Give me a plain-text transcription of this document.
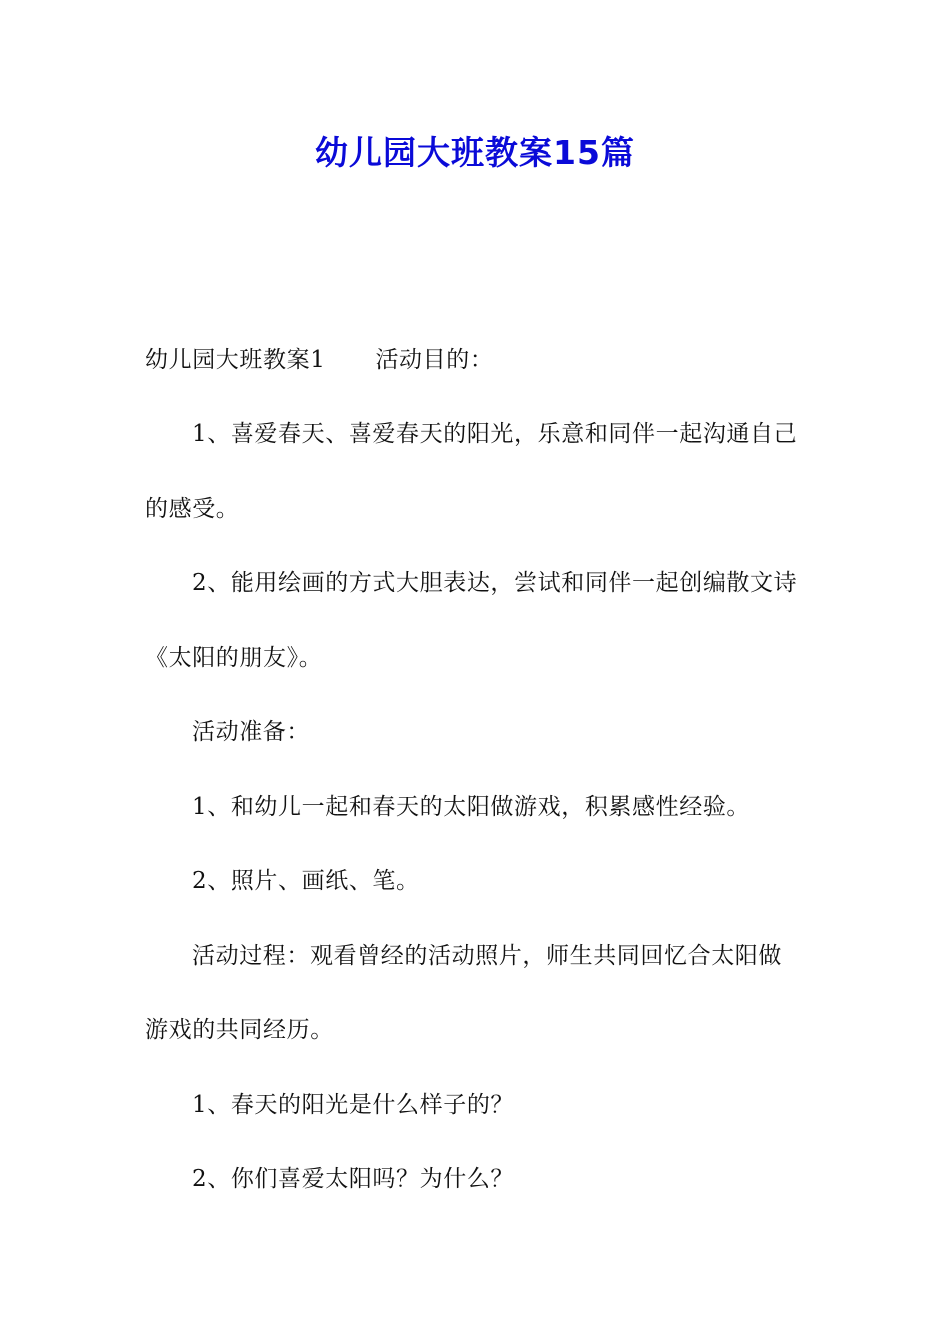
幼儿园大班教案15篇
幼儿园大班教案1 活动目的：
1、喜爱春天、喜爱春天的阳光，乐意和同伴一起沟通自己
的感受。
2、能用绘画的方式大胆表达，尝试和同伴一起创编散文诗
《太阳的朋友》。
活动准备：
1、和幼儿一起和春天的太阳做游戏，积累感性经验。
2、照片、画纸、笔。
活动过程：观看曾经的活动照片，师生共同回忆合太阳做
游戏的共同经历。
1、春天的阳光是什么样子的？
2、你们喜爱太阳吗？为什么？
